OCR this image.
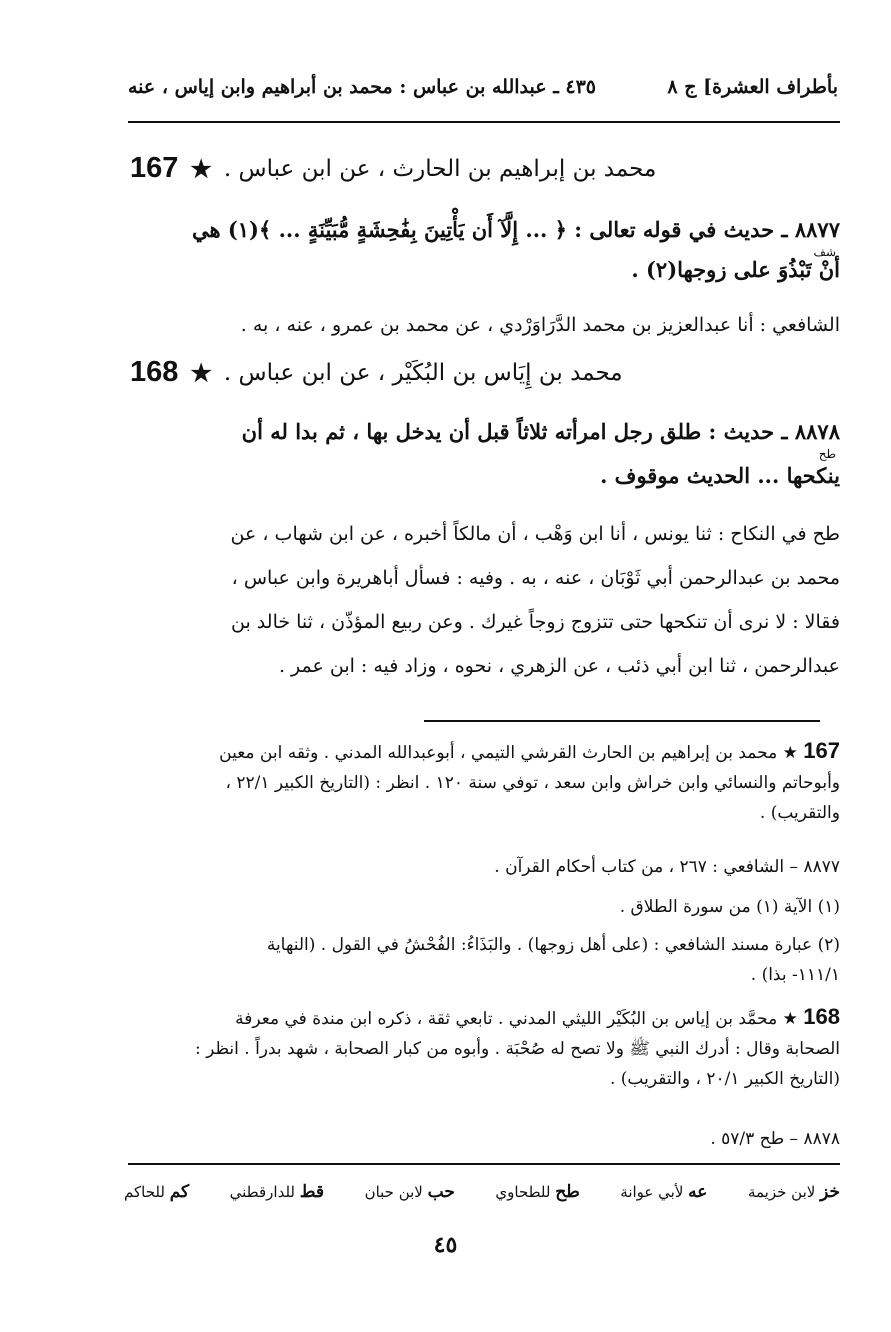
بأطراف العشرة] ج ٨
٤٣٥ ـ عبدالله بن عباس : محمد بن أبراهيم وابن إياس ، عنه
167 ★ محمد بن إبراهيم بن الحارث ، عن ابن عباس .
٨٨٧٧ ـ حديث في قوله تعالى : ﴿ ... إِلَّآ أَن يَأْتِينَ بِفَٰحِشَةٍ مُّبَيِّنَةٍ ... ﴾(١) هي
شف
أنْ تَبْذُوَ على زوجها(٢) .
الشافعي : أنا عبدالعزيز بن محمد الدَّرَاوَرْدي ، عن محمد بن عمرو ، عنه ، به .
168 ★ محمد بن إِيَاس بن البُكَيْر ، عن ابن عباس .
٨٨٧٨ ـ حديث : طلق رجل امرأته ثلاثاً قبل أن يدخل بها ، ثم بدا له أن
طح
ينكحها ... الحديث موقوف .
طح في النكاح : ثنا يونس ، أنا ابن وَهْب ، أن مالكاً أخبره ، عن ابن شهاب ، عن
محمد بن عبدالرحمن أبي ثَوْبَان ، عنه ، به . وفيه : فسأل أباهريرة وابن عباس ،
فقالا : لا نرى أن تنكحها حتى تتزوج زوجاً غيرك . وعن ربيع المؤذّن ، ثنا خالد بن
عبدالرحمن ، ثنا ابن أبي ذئب ، عن الزهري ، نحوه ، وزاد فيه : ابن عمر .
167 ★ محمد بن إبراهيم بن الحارث القرشي التيمي ، أبوعبدالله المدني . وثقه ابن معين
وأبوحاتم والنسائي وابن خراش وابن سعد ، توفي سنة ١٢٠ . انظر : (التاريخ الكبير ٢٢/١ ،
والتقريب) .
٨٨٧٧ – الشافعي : ٢٦٧ ، من كتاب أحكام القرآن .
(١) الآية (١) من سورة الطلاق .
(٢) عبارة مسند الشافعي : (على أهل زوجها) . والبَذَاءُ: الفُحْشُ في القول . (النهاية
١١١/١- بذا) .
168 ★ محمَّد بن إياس بن البُكَيْر الليثي المدني . تابعي ثقة ، ذكره ابن مندة في معرفة
الصحابة وقال : أدرك النبي ﷺ ولا تصح له صُحْبَة . وأبوه من كبار الصحابة ، شهد بدراً . انظر :
(التاريخ الكبير ٢٠/١ ، والتقريب) .
٨٨٧٨ – طح ٥٧/٣ .
خز لابن خزيمة
عه لأبي عوانة
طح للطحاوي
حب لابن حبان
قط للدارقطني
كم للحاكم
٤٥
